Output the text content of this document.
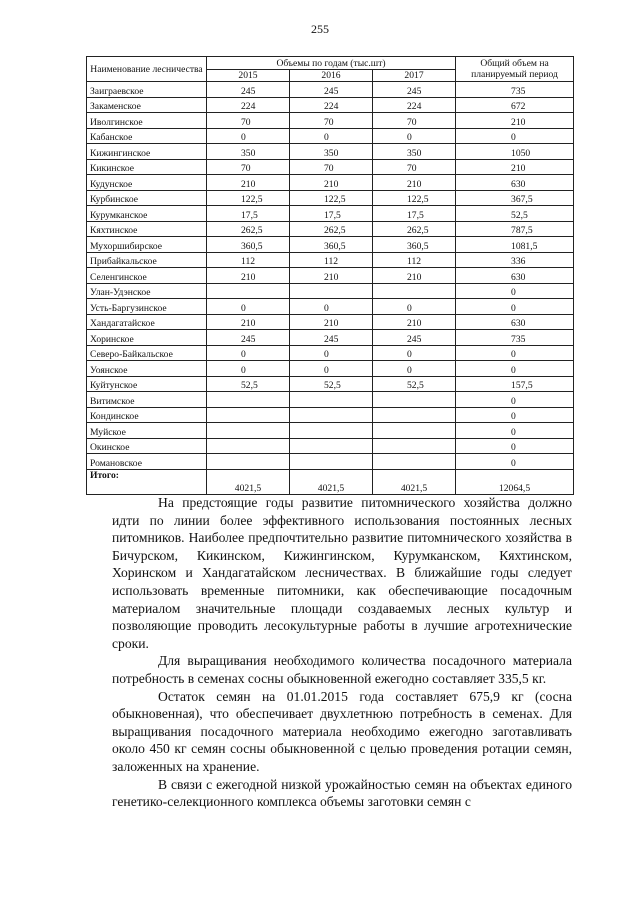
255
Наименование лесничества	Объемы по годам (тыс.шт)			Общий объем на планируемый период
	2015	2016	2017	
Заиграевское	245	245	245	735
Закаменское	224	224	224	672
Иволгинское	70	70	70	210
Кабанское	0	0	0	0
Кижингинское	350	350	350	1050
Кикинское	70	70	70	210
Кудунское	210	210	210	630
Курбинское	122,5	122,5	122,5	367,5
Курумканское	17,5	17,5	17,5	52,5
Кяхтинское	262,5	262,5	262,5	787,5
Мухоршибирское	360,5	360,5	360,5	1081,5
Прибайкальское	112	112	112	336
Селенгинское	210	210	210	630
Улан-Удэнское				0
Усть-Баргузинское	0	0	0	0
Хандагатайское	210	210	210	630
Хоринское	245	245	245	735
Северо-Байкальское	0	0	0	0
Уоянское	0	0	0	0
Куйтунское	52,5	52,5	52,5	157,5
Витимское				0
Кондинское				0
Муйское				0
Окинское				0
Романовское				0
Итого:	4021,5	4021,5	4021,5	12064,5

На предстоящие годы развитие питомнического хозяйства должно идти по линии более эффективного использования постоянных лесных питомников. Наиболее предпочтительно развитие питомнического хозяйства в Бичурском, Кикинском, Кижингинском, Курумканском, Кяхтинском, Хоринском и Хандагатайском лесничествах. В ближайшие годы следует использовать временные питомники, как обеспечивающие посадочным материалом значительные площади создаваемых лесных культур и позволяющие проводить лесокультурные работы в лучшие агротехнические сроки.

Для выращивания необходимого количества посадочного материала потребность в семенах сосны обыкновенной ежегодно составляет 335,5 кг.

Остаток семян на 01.01.2015 года составляет 675,9 кг (сосна обыкновенная), что обеспечивает двухлетнюю потребность в семенах. Для выращивания посадочного материала необходимо ежегодно заготавливать около 450 кг семян сосны обыкновенной с целью проведения ротации семян, заложенных на хранение.

В связи с ежегодной низкой урожайностью семян на объектах единого генетико-селекционного комплекса объемы заготовки семян с
